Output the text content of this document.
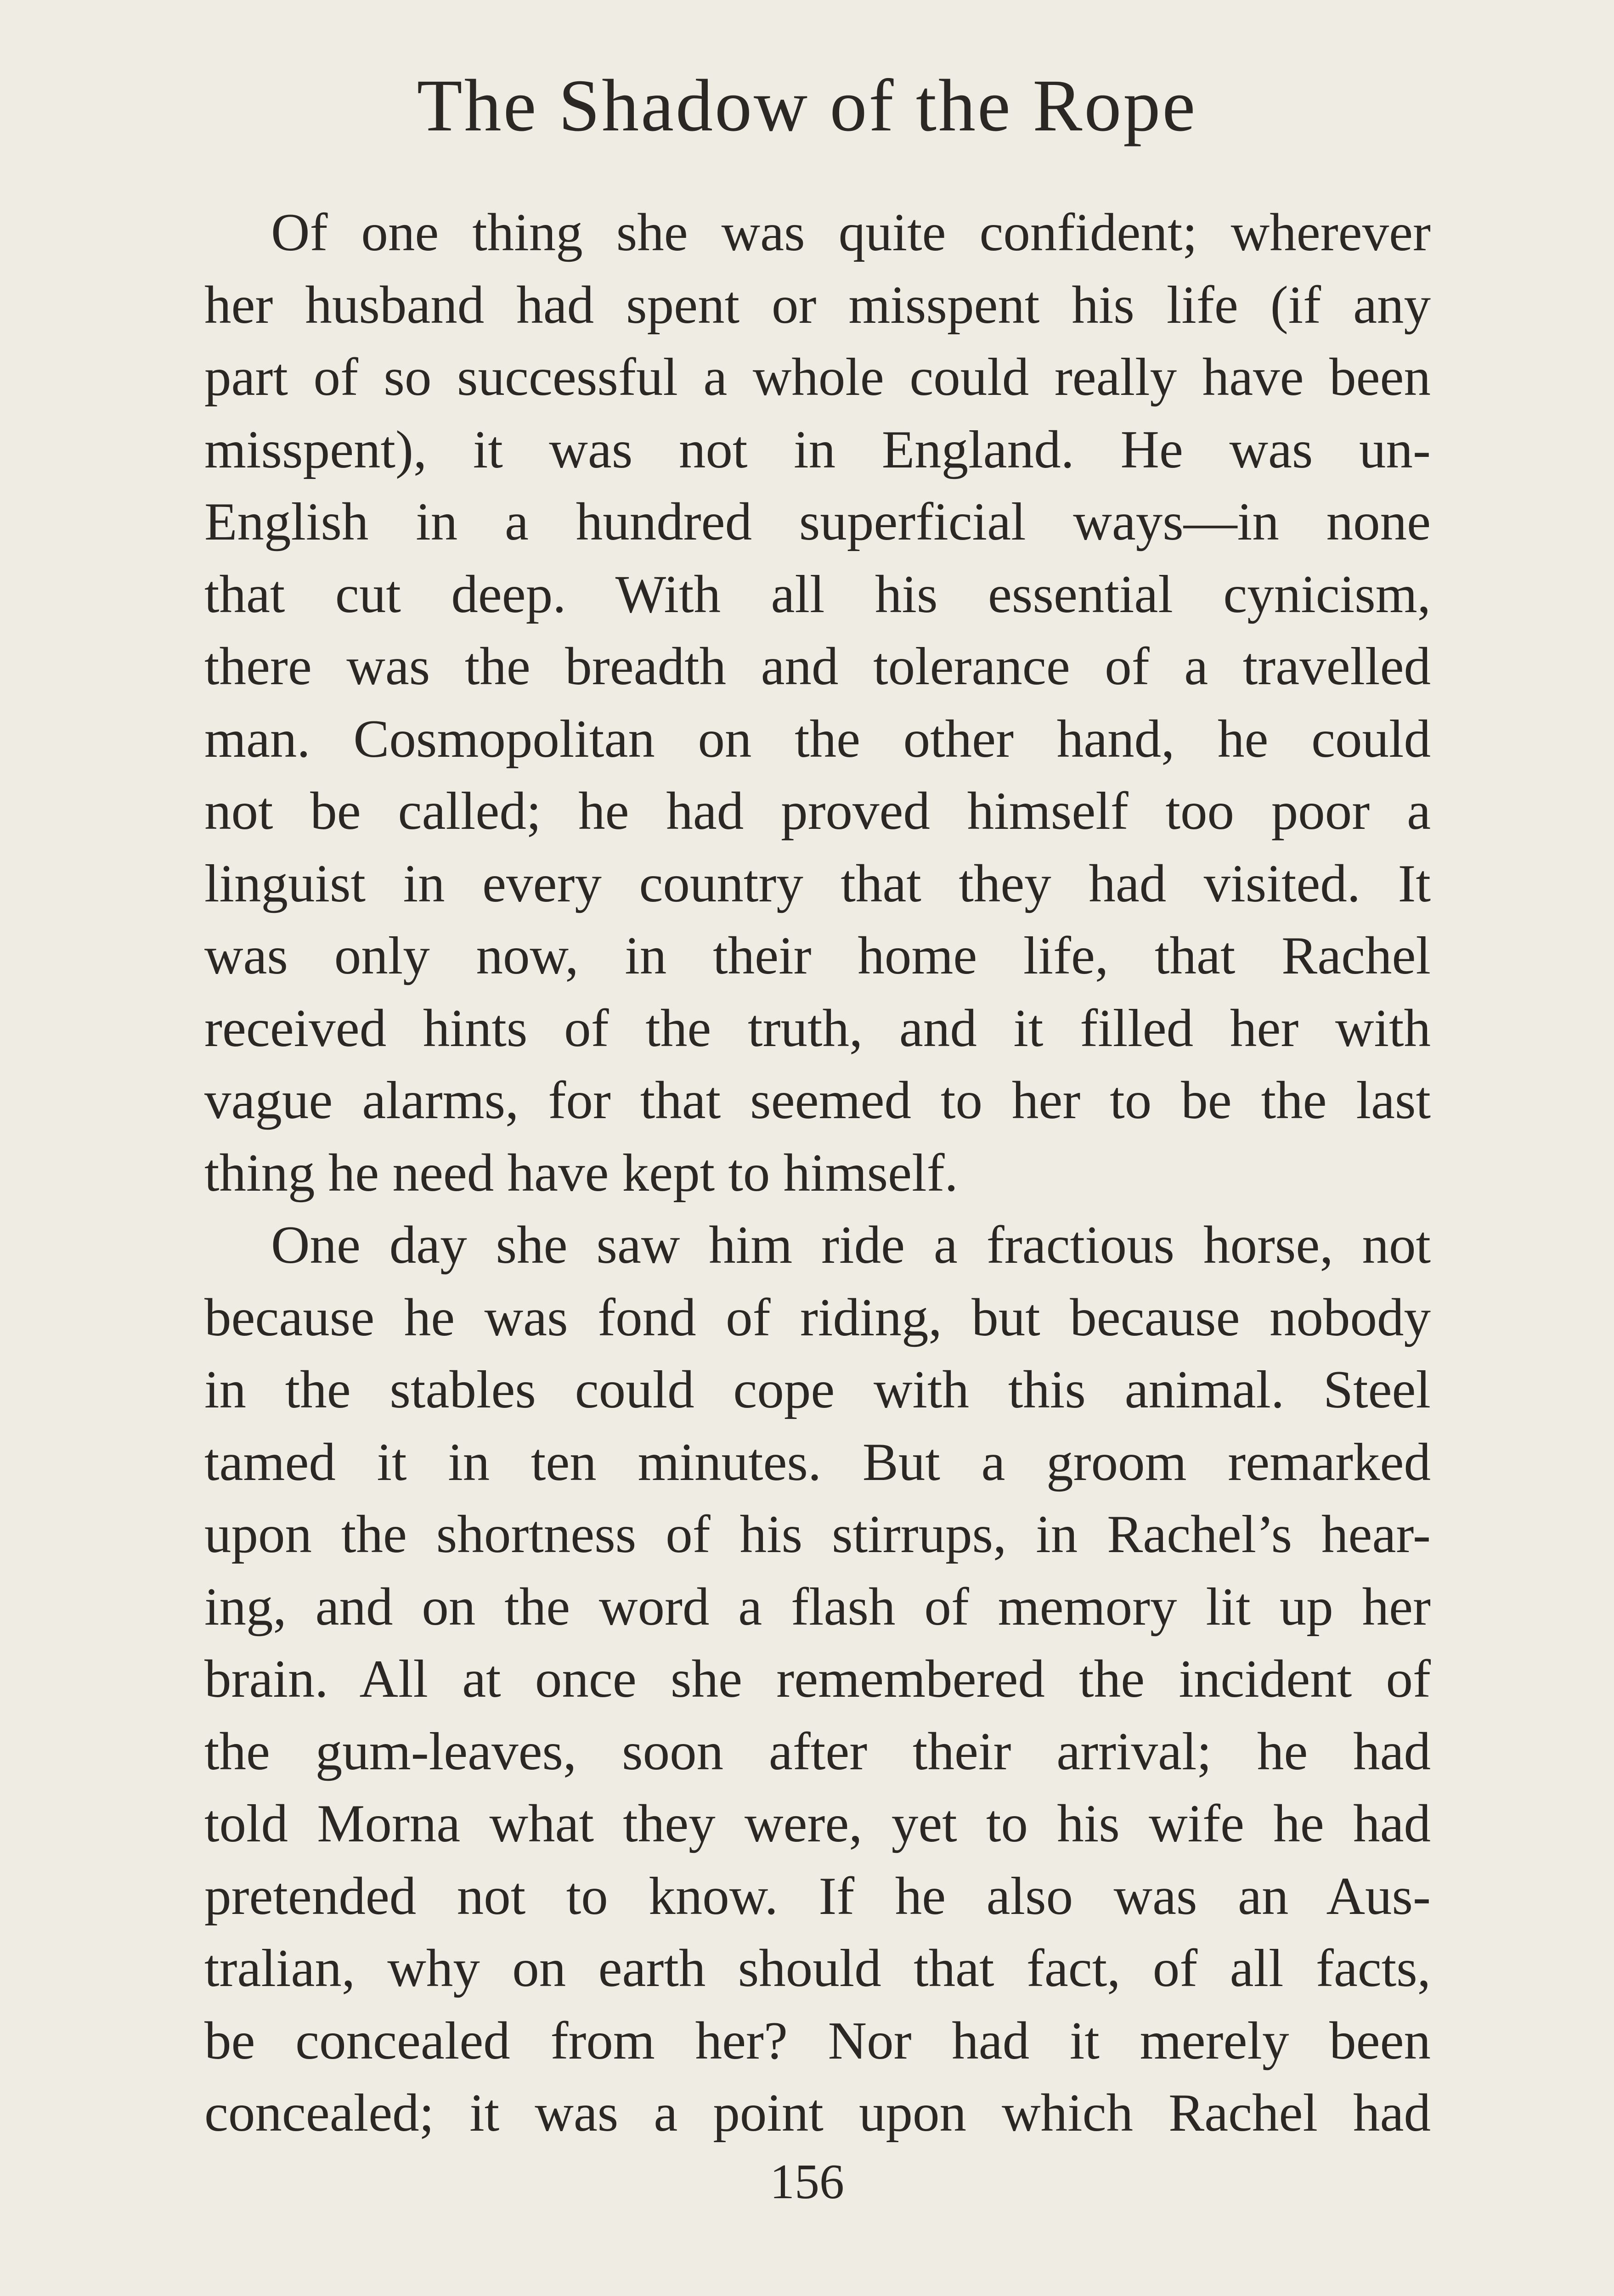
The Shadow of the Rope
Of one thing she was quite confident; wherever
her husband had spent or misspent his life (if any
part of so successful a whole could really have been
misspent), it was not in England. He was un-
English in a hundred superficial ways—in none
that cut deep. With all his essential cynicism,
there was the breadth and tolerance of a travelled
man. Cosmopolitan on the other hand, he could
not be called; he had proved himself too poor a
linguist in every country that they had visited. It
was only now, in their home life, that Rachel
received hints of the truth, and it filled her with
vague alarms, for that seemed to her to be the last
thing he need have kept to himself.
One day she saw him ride a fractious horse, not
because he was fond of riding, but because nobody
in the stables could cope with this animal. Steel
tamed it in ten minutes. But a groom remarked
upon the shortness of his stirrups, in Rachel’s hear-
ing, and on the word a flash of memory lit up her
brain. All at once she remembered the incident of
the gum-leaves, soon after their arrival; he had
told Morna what they were, yet to his wife he had
pretended not to know. If he also was an Aus-
tralian, why on earth should that fact, of all facts,
be concealed from her? Nor had it merely been
concealed; it was a point upon which Rachel had
156
